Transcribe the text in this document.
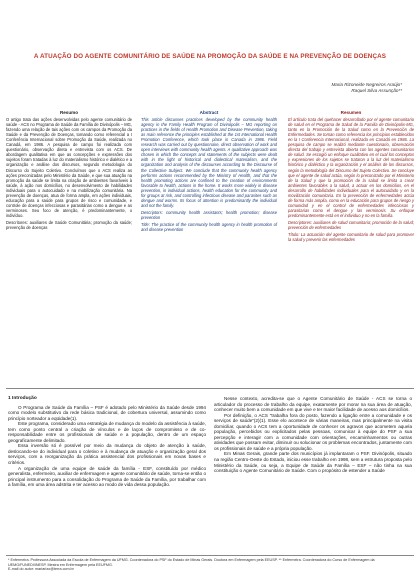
A ATUAÇÃO DO AGENTE COMUNITÁRIO DE SAÚDE NA PROMOÇÃO DA SAÚDE E NA PREVENÇÃO DE DOENÇAS
Maria Rizoneide Negreiros Araújo*
Raquel Silva Assunção**
Resumo

O artigo trata das ações desenvolvidas pelo agente comunitário de saúde - ACS no Programa de Saúde da Família de Divinópolis – MG, fazendo uma relação de tais ações com os campos da Promoção da Saúde e da Prevenção de Doenças, tomando como referencial a I Conferência Internacional sobre Promoção da Saúde, realizada no Canadá, em 1986. A pesquisa de campo foi realizada com questionário, observação direta e entrevista com os ACS. De abordagem qualitativa em que as concepções e expressões dos sujeitos foram tratadas à luz do materialismo histórico e dialético e a organização e análise dos discursos, segundo metodologia do Discurso do Sujeito Coletivo. Concluímos que o ACS realiza as ações preconizadas pelo Ministério da Saúde, e que sua atuação na promoção da saúde se limita na criação de ambientes favoráveis à saúde, à ação nos domicílios, no desenvolvimento de habilidades individuais para o autocuidado e na mobilização comunitária. Na prevenção de doenças, atua de forma ampla, em ações individuais, educação para a saúde para grupos de risco e comunidade, e controle de doenças infecciosas e parasitárias como a dengue e as verminoses. Seu foco de atenção, é predominantemente, o indivíduo.

Descritores: auxiliares de Saúde Comunitária; promoção da saúde; prevenção de doenças

Abstract

This article discusses practices developed by the community health agency in the Family Health Program of Divinópolis – MG reporting on practices in the fields of Health Promotion and Disease Prevention, taking as main reference the principles established at the 1st International Health Promotion Conference, which took place in Canada in 1986. Field research was carried out by questionnaire, direct observation of work and open interviews with community health agents. A qualitative approach was chosen in which the concepts and statements of the subjects were dealt with in the light of historical and dialectical materialism, and the organization and analysis of the discourses according to the Discourse of the Collective Subject. We conclude that the community health agency performs actions recommended by the Ministry of Health, and that the health promoting actions are confined to the creation of environments favorable to health, actions in the home. It works more widely in disease prevention, in individual actions, health education for the community and for groups at risk, and controlling infectious disease and parasites such as dengue and worms. Its focus of attention is predominantly the individual and not the family.

Descriptors: community health assistants; health promotion; disease prevention

Title: The practice of the community health agency in health promotion of and disease prevention

Resumen

El artículo trata del quehacer desarrollado por el agente comunitario de salud en el Programa de Salud de la Familia de Divinópolis-MG, tanto en la Promoción de la Salud como en la Prevención de Enfermedades. Se toman como referencia los principios establecidos en la I Conferencia Internacional, realizada en Canadá en 1986. La pesquisa de campo se realizó mediante cuestionario, observación directa del trabajo y entrevista abierta con los agentes comunitarios de salud. Se escogió un enfoque cualitativo en el cual los conceptos y expresiones de los sujetos se trataron a la luz del materialismo histórico y dialéctico y la organización y el análisis de los discursos, según la metodología del Discurso del Sujeto Colectivo. Se concluye que el agente de salud actúa, según lo preconizado por el Ministerio de la Salud y que la promoción de la salud se limita a crear ambientes favorables a la salud, a actuar en los domicilios, en el desarrollo de habilidades individuales para el autocuidado y en la movilización comunitaria. En la prevención de enfermedades actúa de forma más amplia, como en la educación para grupos de riesgo y comunidad y en el control de enfermedades infecciosas y parasitarias como el dengue y las verminosis. Su enfoque predominantemente está en el individuo y no en la familia.

Descriptores: auxiliares de salud comunitaria; promoción de la salud; prevención de enfermedades

Título: La actuación del agente comunitario de salud para promover la salud y prevenir las enfermedades

1 Introdução

O Programa de Saúde da Família – PSF é adotado pelo Ministério da Saúde desde 1994 como modelo substitutivo da rede básica tradicional, de cobertura universal, assumindo como princípio norteador a eqüidade(1).

Este programa, considerado uma estratégia de mudança do modelo da assistência à saúde, tem como ponto central a criação de vínculos e de laços de compromisso e de co-responsabilidade entre os profissionais de saúde e a população, dentro de um espaço geograficamente delimitado.

Essa inversão só é possível por meio da mudança do objeto de atenção à saúde, deslocando-se do individual para o coletivo e à mudança de atuação e organização geral dos serviços, com a reorganização da prática assistencial dos profissionais em novas bases e critérios.

A organização de uma equipe de saúde da família - ESF, constituído por médico generalista, enfermeiro, auxiliar de enfermagem e agente comunitário de saúde, torna-se então o principal instrumento para a consolidação do Programa de Saúde da Família, por trabalhar com a família, em uma área adstrita e ter acesso ao modo de vida dessa população.

Nesse contexto, acredita-se que o Agente Comunitário de Saúde - ACS se torna o articulador do processo de trabalho da equipe, exatamente por morar na sua área de atuação, conhecer muito bem a comunidade em que vive e ter maior facilidade de acesso aos domicílios.

Por definição, o ACS "trabalha fora do posto, fazendo a ligação entre a comunidade e os serviços de saúde"(2)(1). Esse elo acontece de várias maneiras, mas principalmente na visita domiciliar, quando o ACS tem a oportunidade de conhecer os agravos que acometem aquela população, percebidos ou explicitados pelas pessoas, comunicar à equipe do PSF a sua percepção e interagir com a comunidade com orientações, encaminhamentos ou outras atividades que possam evitar, diminuir ou solucionar os problemas encontrados, juntamente com os profissionais de saúde e a própria população.

Em Minas Gerais, grande parte dos municípios já implantaram o PSF. Divinópolis, situado na região Centro-Oeste do Estado, iniciou esse trabalho em 1998, sem a estrutura proposta pelo Ministério da Saúde, ou seja, a Equipe de Saúde da Família – ESF – não tinha na sua constituição o Agente Comunitário de Saúde. Com o propósito de estender a Saúde

* Enfermeira. Professora Associada da Escola de Enfermagem da UFMG. Coordenadora do PSF do Estado de Minas Gerais. Doutora em Enfermagem pela EEUSP. ** Enfermeira. Coordenadora do Curso de Enfermagem da UEMG/FUNEDI/INESP. Mestra em Enfermagem pela EEUFMG.

E-mail do autor: mariarizo@terra.com.br
